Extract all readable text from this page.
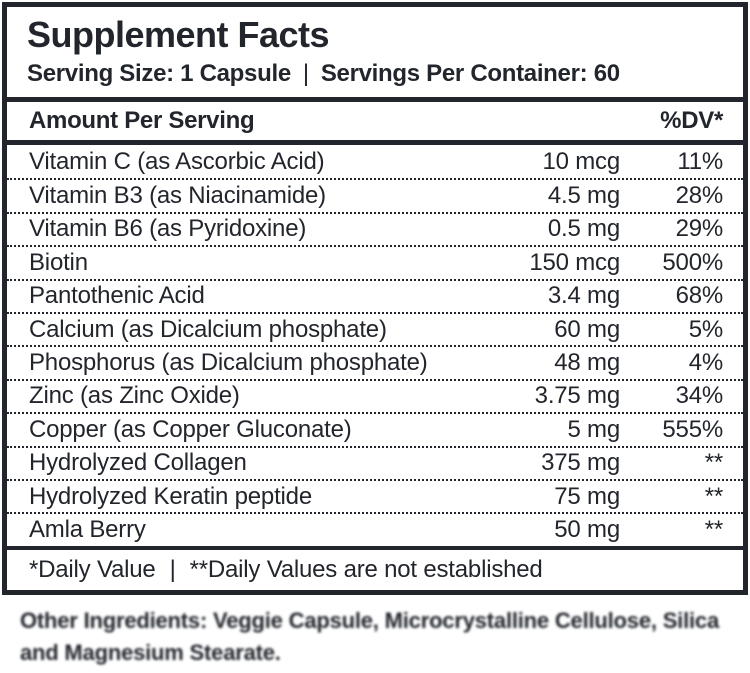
Supplement Facts
Serving Size: 1 Capsule | Servings Per Container: 60
Amount Per Serving	%DV*
Vitamin C (as Ascorbic Acid)	10 mcg	11%
Vitamin B3 (as Niacinamide)	4.5 mg	28%
Vitamin B6 (as Pyridoxine)	0.5 mg	29%
Biotin	150 mcg	500%
Pantothenic Acid	3.4 mg	68%
Calcium (as Dicalcium phosphate)	60 mg	5%
Phosphorus (as Dicalcium phosphate)	48 mg	4%
Zinc (as Zinc Oxide)	3.75 mg	34%
Copper (as Copper Gluconate)	5 mg	555%
Hydrolyzed Collagen	375 mg	**
Hydrolyzed Keratin peptide	75 mg	**
Amla Berry	50 mg	**
*Daily Value | **Daily Values are not established

Other Ingredients: Veggie Capsule, Microcrystalline Cellulose, Silica and Magnesium Stearate.
